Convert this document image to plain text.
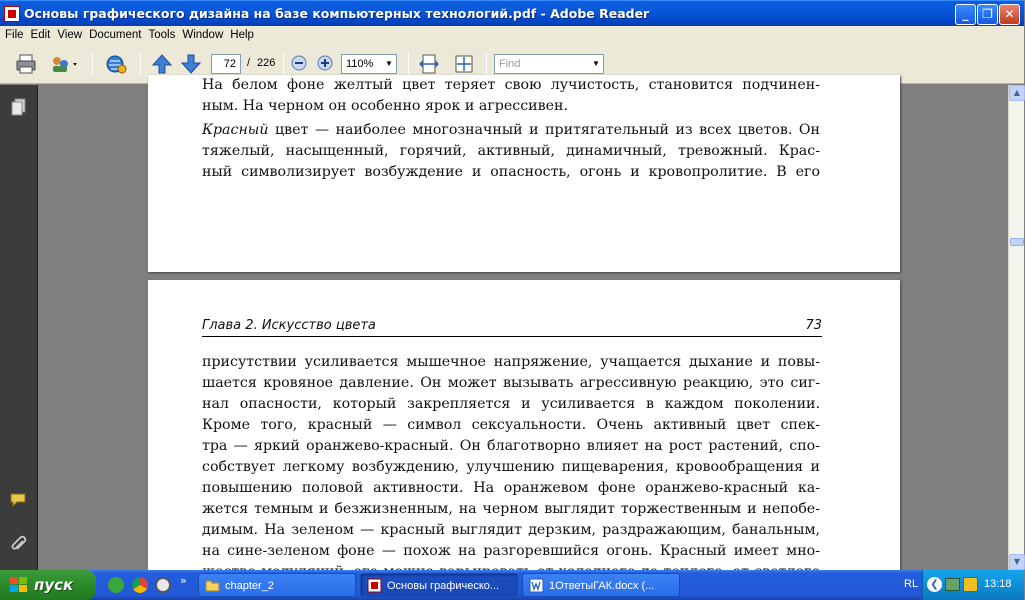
Основы графического дизайна на базе компьютерных технологий.pdf - Adobe Reader	_	❐ ✕
File Edit View Document Tools Window Help
72
/ 226	110%	▼	Find	▼
На белом фоне желтый цвет теряет свою лучистость, становится подчинен-
ным. На черном он особенно ярок и агрессивен.
Красный цвет — наиболее многозначный и притягательный из всех цветов. Он
тяжелый, насыщенный, горячий, активный, динамичный, тревожный. Крас-
ный символизирует возбуждение и опасность, огонь и кровопролитие. В его
Глава 2. Искусство цвета	73
присутствии усиливается мышечное напряжение, учащается дыхание и повы-
шается кровяное давление. Он может вызывать агрессивную реакцию, это сиг-
нал опасности, который закрепляется и усиливается в каждом поколении.
Кроме того, красный — символ сексуальности. Очень активный цвет спек-
тра — яркий оранжево-красный. Он благотворно влияет на рост растений, спо-
собствует легкому возбуждению, улучшению пищеварения, кровообращения и
повышению половой активности. На оранжевом фоне оранжево-красный ка-
жется темным и безжизненным, на черном выглядит торжественным и непобе-
димым. На зеленом — красный выглядит дерзким, раздражающим, банальным,
на сине-зеленом фоне — похож на разгоревшийся огонь. Красный имеет мно-
▲
▼
пуск	»	chapter_2	Основы графическо...	1ОтветыГАК.docx (...	RL	❮	13:18
